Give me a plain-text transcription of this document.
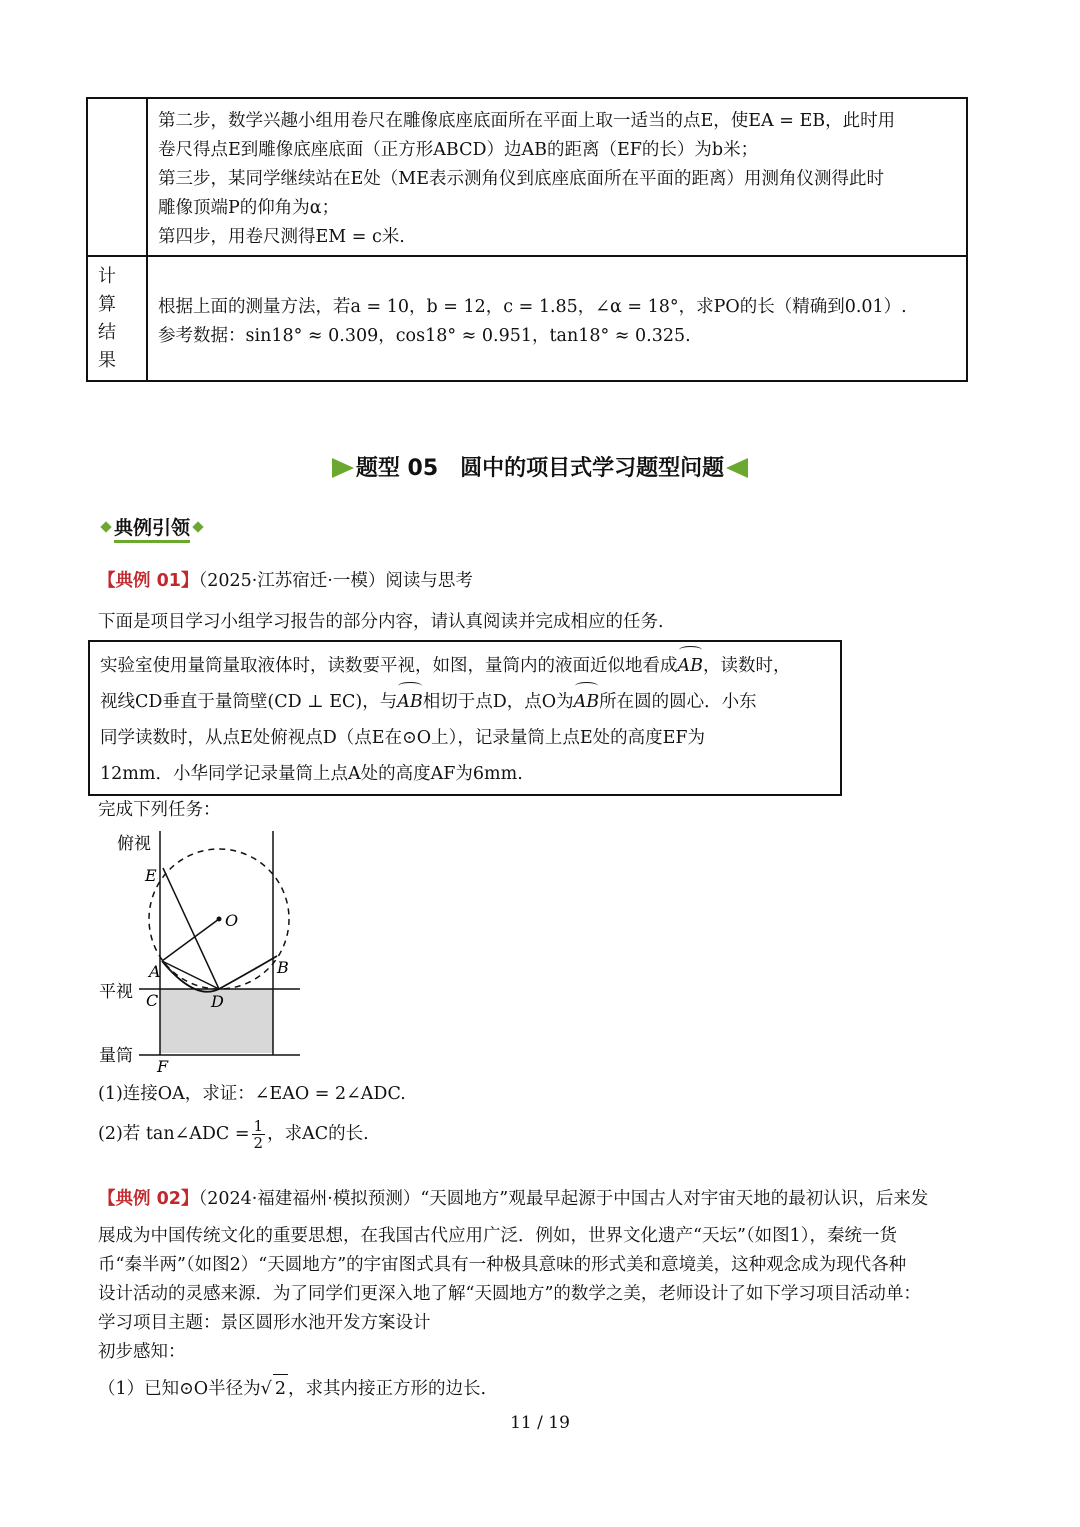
第二步，数学兴趣小组用卷尺在雕像底座底面所在平面上取一适当的点E，使EA = EB，此时用
卷尺得点E到雕像底座底面（正方形ABCD）边AB的距离（EF的长）为b米；
第三步，某同学继续站在E处（ME表示测角仪到底座底面所在平面的距离）用测角仪测得此时
雕像顶端P的仰角为α；
第四步，用卷尺测得EM = c米.
计
算
结
果
根据上面的测量方法，若a = 10，b = 12，c = 1.85，∠α = 18°，求PO的长（精确到0.01）.
参考数据：sin18° ≈ 0.309，cos18° ≈ 0.951，tan18° ≈ 0.325.
题型 05　圆中的项目式学习题型问题
典例引领
【典例 01】（2025·江苏宿迁·一模）阅读与思考
下面是项目学习小组学习报告的部分内容，请认真阅读并完成相应的任务.
实验室使用量筒量取液体时，读数要平视，如图，量筒内的液面近似地看成AB，读数时，
视线CD垂直于量筒壁(CD ⊥ EC)，与AB相切于点D，点O为AB所在圆的圆心．小东
同学读数时，从点E处俯视点D（点E在⊙O上），记录量筒上点E处的高度EF为
12mm．小华同学记录量筒上点A处的高度AF为6mm.
完成下列任务：
俯视
平视
量筒
E
O
A	B
C	D
F
(1)连接OA，求证：∠EAO = 2∠ADC.
(2)若 tan∠ADC = $\frac{1}{2}$ ，求AC的长.
【典例 02】（2024·福建福州·模拟预测）“天圆地方”观最早起源于中国古人对宇宙天地的最初认识，后来发
展成为中国传统文化的重要思想，在我国古代应用广泛．例如，世界文化遗产“天坛”（如图1），秦统一货
币“秦半两”（如图2）“天圆地方”的宇宙图式具有一种极具意味的形式美和意境美，这种观念成为现代各种
设计活动的灵感来源．为了同学们更深入地了解“天圆地方”的数学之美，老师设计了如下学习项目活动单：
学习项目主题：景区圆形水池开发方案设计
初步感知：
（1）已知⊙O半径为√ 2 ，求其内接正方形的边长.
11 / 19
